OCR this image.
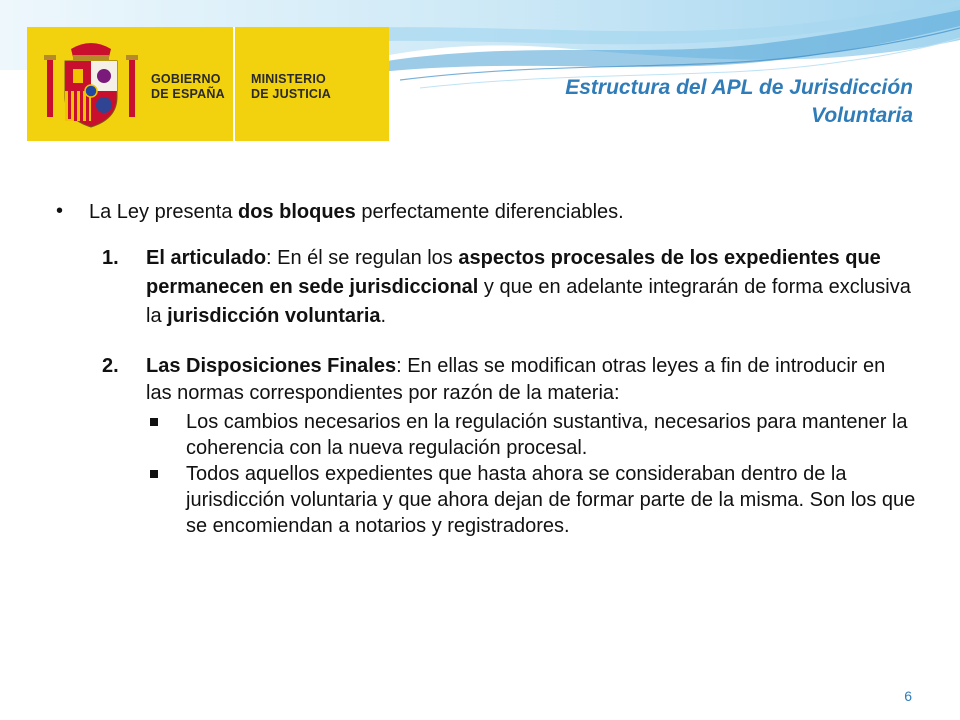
GOBIERNO
DE ESPAÑA
MINISTERIO
DE JUSTICIA	Estructura del APL de Jurisdicción Voluntaria
• La Ley presenta dos bloques perfectamente diferenciables.
1. El articulado: En él se regulan los aspectos procesales de los expedientes que permanecen en sede jurisdiccional y que en adelante integrarán de forma exclusiva la jurisdicción voluntaria.
2. Las Disposiciones Finales: En ellas se modifican otras leyes a fin de introducir en las normas correspondientes por razón de la materia:
Los cambios necesarios en la regulación sustantiva, necesarios para mantener la coherencia con la nueva regulación procesal.
Todos aquellos expedientes que hasta ahora se consideraban dentro de la jurisdicción voluntaria y que ahora dejan de formar parte de la misma. Son los que se encomiendan a notarios y registradores.
6
